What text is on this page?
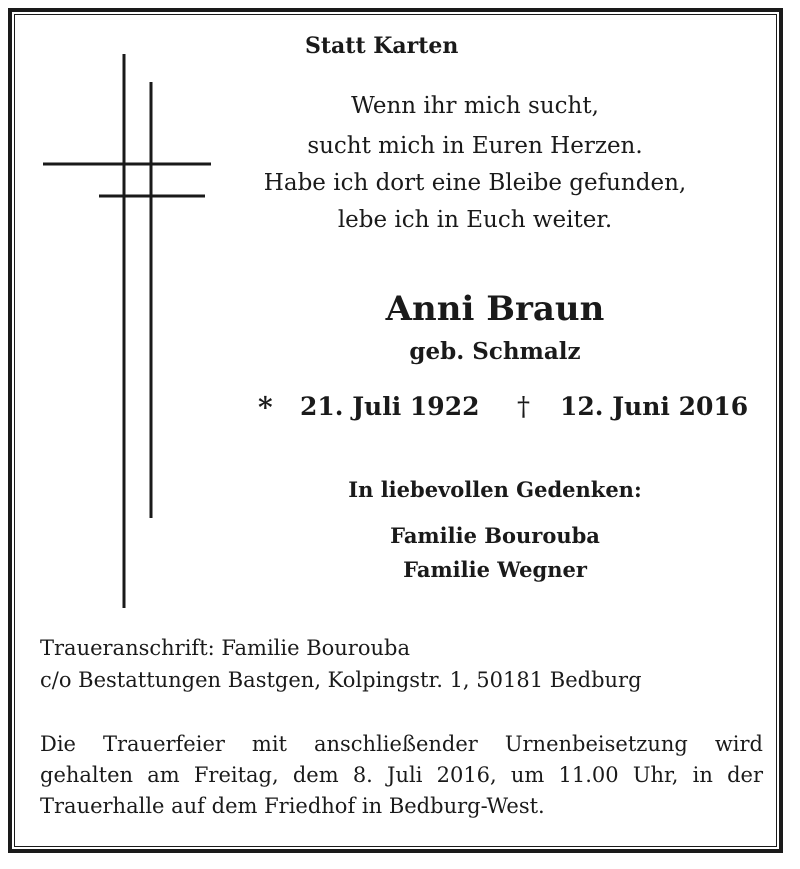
Statt Karten
Wenn ihr mich sucht,
sucht mich in Euren Herzen.
Habe ich dort eine Bleibe gefunden,
lebe ich in Euch weiter.
Anni Braun
geb. Schmalz
* 21. Juli 1922 † 12. Juni 2016
In liebevollen Gedenken:
Familie Bourouba
Familie Wegner
Traueranschrift: Familie Bourouba
c/o Bestattungen Bastgen, Kolpingstr. 1, 50181 Bedburg
Die Trauerfeier mit anschließender Urnenbeisetzung wird
gehalten am Freitag, dem 8. Juli 2016, um 11.00 Uhr, in der
Trauerhalle auf dem Friedhof in Bedburg-West.
